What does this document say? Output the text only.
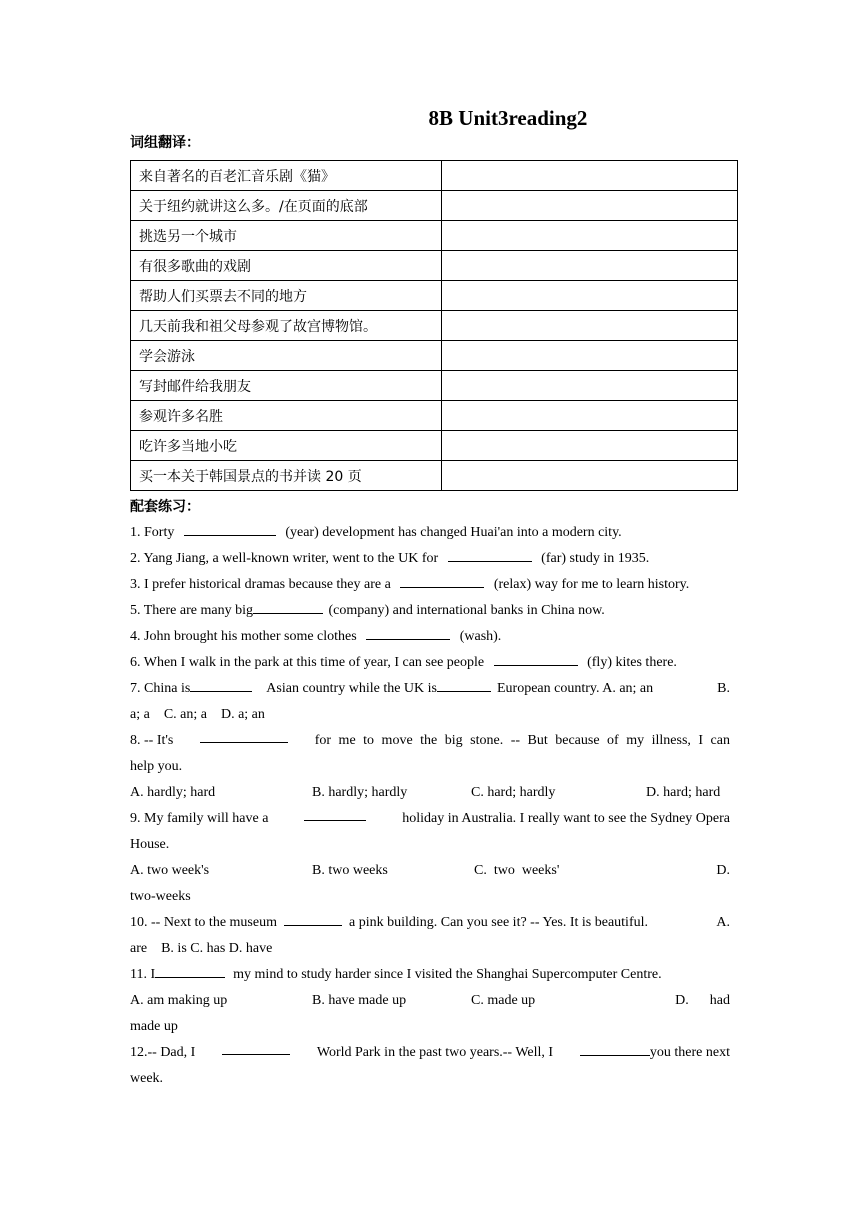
8B Unit3reading2
词组翻译：
来自著名的百老汇音乐剧《猫》	
关于纽约就讲这么多。/在页面的底部	
挑选另一个城市	
有很多歌曲的戏剧	
帮助人们买票去不同的地方	
几天前我和祖父母参观了故宫博物馆。	
学会游泳	
写封邮件给我朋友	
参观许多名胜	
吃许多当地小吃	
买一本关于韩国景点的书并读 20 页	
配套练习：
1. Forty	(year) development has changed Huai'an into a modern city.
2. Yang Jiang, a well-known writer, went to the UK for	(far) study in 1935.
3. I prefer historical dramas because they are a	(relax) way for me to learn history.
5. There are many big	(company) and international banks in China now.
4. John brought his mother some clothes	(wash).
6. When I walk in the park at this time of year, I can see people	(fly) kites there.
7. China is	Asian country while the UK is	European country. A. an; an	B.
a; a    C. an; a    D. a; an
8. -- It's	for me to move the big stone. -- But because of my illness, I can
help you.
A. hardly; hard	B. hardly; hardly	C. hard; hardly	D. hard; hard
9. My family will have a	holiday in Australia. I really want to see the Sydney Opera
House.
A. two week's	B. two weeks	C.  two  weeks'	D.
two-weeks
10. -- Next to the museum	a pink building. Can you see it? -- Yes. It is beautiful.	A.
are    B. is C. has D. have
11. I	my mind to study harder since I visited the Shanghai Supercomputer Centre.
A. am making up	B. have made up	C. made up	D.      had
made up
12.-- Dad, I	World Park in the past two years.-- Well, I	you there next
week.
